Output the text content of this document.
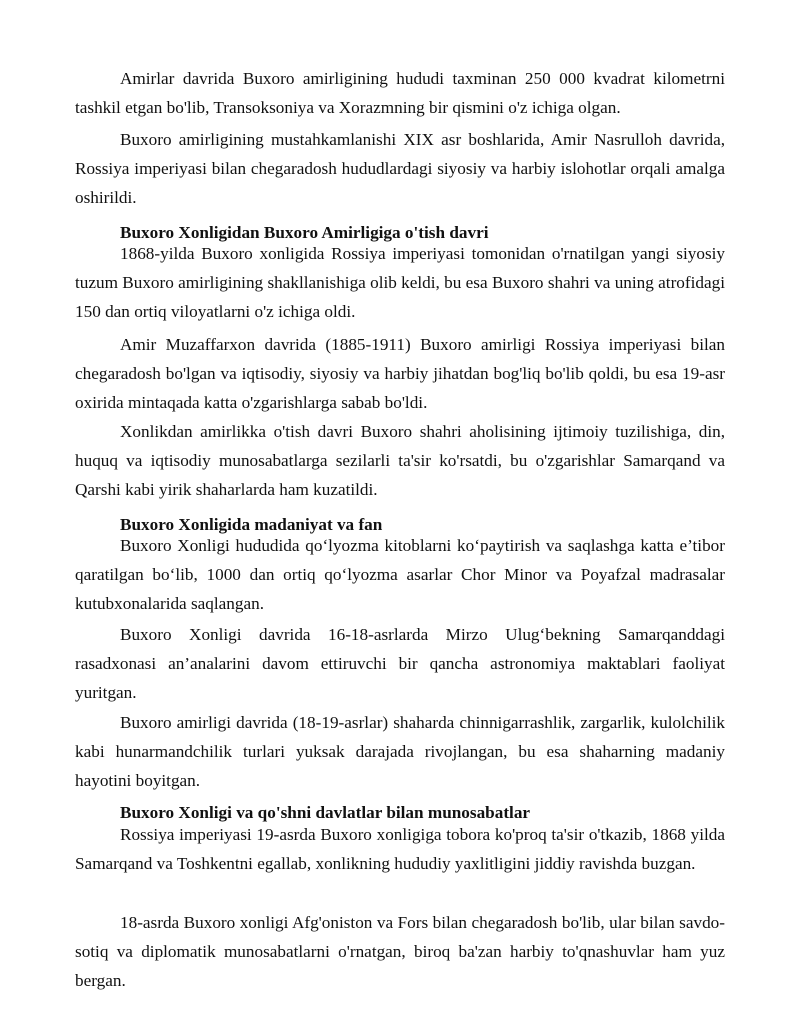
Amirlar davrida Buxoro amirligining hududi taxminan 250 000 kvadrat kilometrni tashkil etgan bo'lib, Transoksoniya va Xorazmning bir qismini o'z ichiga olgan.

Buxoro amirligining mustahkamlanishi XIX asr boshlarida, Amir Nasrulloh davrida, Rossiya imperiyasi bilan chegaradosh hududlardagi siyosiy va harbiy islohotlar orqali amalga oshirildi.

Buxoro Xonligidan Buxoro Amirligiga o'tish davri

1868-yilda Buxoro xonligida Rossiya imperiyasi tomonidan o'rnatilgan yangi siyosiy tuzum Buxoro amirligining shakllanishiga olib keldi, bu esa Buxoro shahri va uning atrofidagi 150 dan ortiq viloyatlarni o'z ichiga oldi.

Amir Muzaffarxon davrida (1885-1911) Buxoro amirligi Rossiya imperiyasi bilan chegaradosh bo'lgan va iqtisodiy, siyosiy va harbiy jihatdan bog'liq bo'lib qoldi, bu esa 19-asr oxirida mintaqada katta o'zgarishlarga sabab bo'ldi.

Xonlikdan amirlikka o'tish davri Buxoro shahri aholisining ijtimoiy tuzilishiga, din, huquq va iqtisodiy munosabatlarga sezilarli ta'sir ko'rsatdi, bu o'zgarishlar Samarqand va Qarshi kabi yirik shaharlarda ham kuzatildi.

Buxoro Xonligida madaniyat va fan

Buxoro Xonligi hududida qo‘lyozma kitoblarni ko‘paytirish va saqlashga katta e’tibor qaratilgan bo‘lib, 1000 dan ortiq qo‘lyozma asarlar Chor Minor va Poyafzal madrasalar kutubxonalarida saqlangan.

Buxoro Xonligi davrida 16-18-asrlarda Mirzo Ulug‘bekning Samarqanddagi rasadxonasi an’analarini davom ettiruvchi bir qancha astronomiya maktablari faoliyat yuritgan.

Buxoro amirligi davrida (18-19-asrlar) shaharda chinnigarrashlik, zargarlik, kulolchilik kabi hunarmandchilik turlari yuksak darajada rivojlangan, bu esa shaharning madaniy hayotini boyitgan.

Buxoro Xonligi va qo'shni davlatlar bilan munosabatlar

Rossiya imperiyasi 19-asrda Buxoro xonligiga tobora ko'proq ta'sir o'tkazib, 1868 yilda Samarqand va Toshkentni egallab, xonlikning hududiy yaxlitligini jiddiy ravishda buzgan.

18-asrda Buxoro xonligi Afg'oniston va Fors bilan chegaradosh bo'lib, ular bilan savdo-sotiq va diplomatik munosabatlarni o'rnatgan, biroq ba'zan harbiy to'qnashuvlar ham yuz bergan.
